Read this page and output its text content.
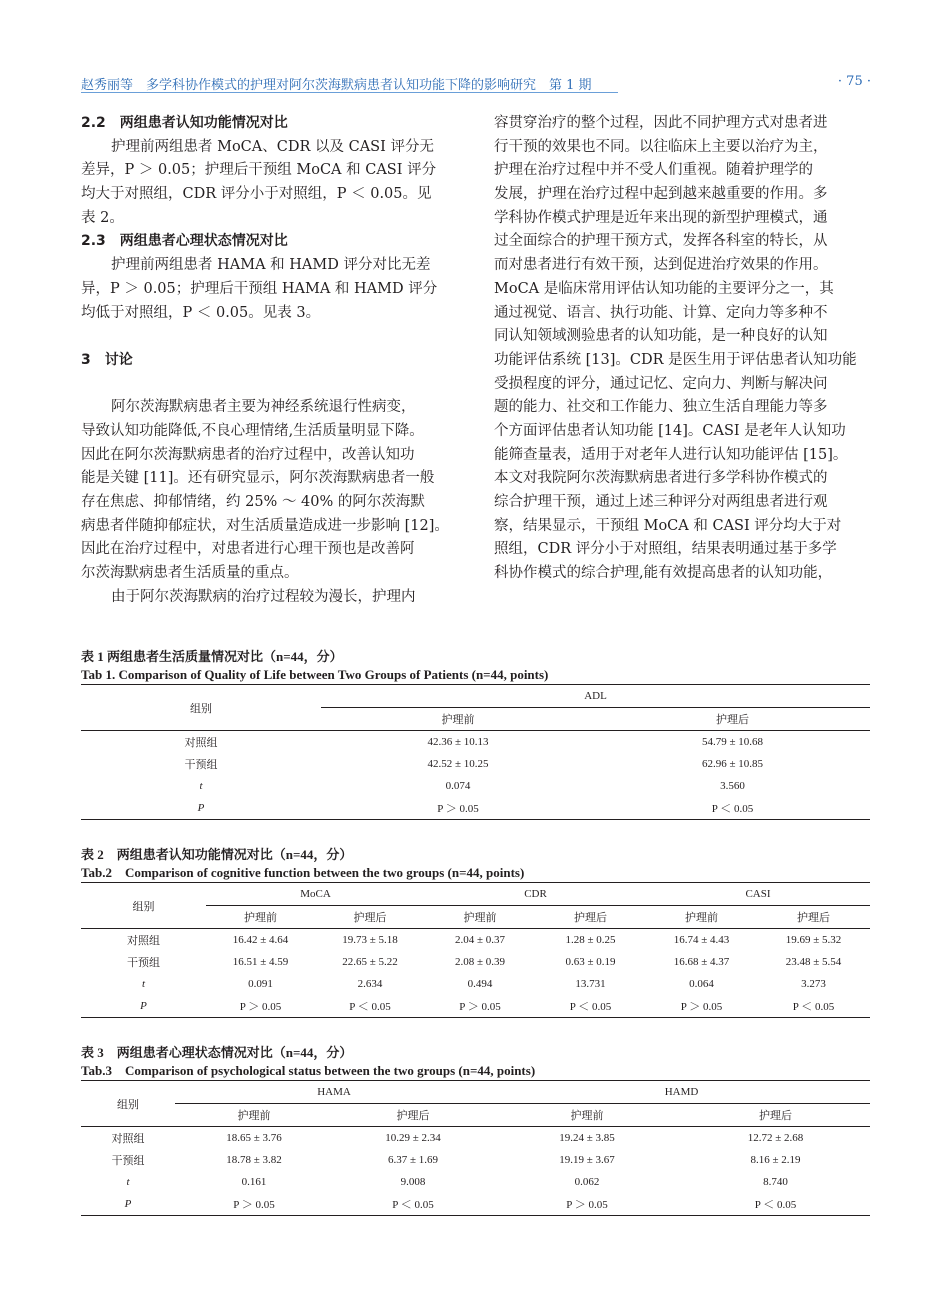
赵秀丽等　多学科协作模式的护理对阿尔茨海默病患者认知功能下降的影响研究　第 1 期	· 75 ·
2.2　两组患者认知功能情况对比
护理前两组患者 MoCA、CDR 以及 CASI 评分无
差异，P ＞ 0.05；护理后干预组 MoCA 和 CASI 评分
均大于对照组，CDR 评分小于对照组，P ＜ 0.05。见
表 2。
2.3　两组患者心理状态情况对比
护理前两组患者 HAMA 和 HAMD 评分对比无差
异，P ＞ 0.05；护理后干预组 HAMA 和 HAMD 评分
均低于对照组，P ＜ 0.05。见表 3。
3　讨论
阿尔茨海默病患者主要为神经系统退行性病变，
导致认知功能降低,不良心理情绪,生活质量明显下降。
因此在阿尔茨海默病患者的治疗过程中，改善认知功
能是关键 [11]。还有研究显示，阿尔茨海默病患者一般
存在焦虑、抑郁情绪，约 25% ～ 40% 的阿尔茨海默
病患者伴随抑郁症状，对生活质量造成进一步影响 [12]。
因此在治疗过程中，对患者进行心理干预也是改善阿
尔茨海默病患者生活质量的重点。
由于阿尔茨海默病的治疗过程较为漫长，护理内
容贯穿治疗的整个过程，因此不同护理方式对患者进
行干预的效果也不同。以往临床上主要以治疗为主，
护理在治疗过程中并不受人们重视。随着护理学的
发展，护理在治疗过程中起到越来越重要的作用。多
学科协作模式护理是近年来出现的新型护理模式，通
过全面综合的护理干预方式，发挥各科室的特长，从
而对患者进行有效干预，达到促进治疗效果的作用。
MoCA 是临床常用评估认知功能的主要评分之一，其
通过视觉、语言、执行功能、计算、定向力等多种不
同认知领域测验患者的认知功能，是一种良好的认知
功能评估系统 [13]。CDR 是医生用于评估患者认知功能
受损程度的评分，通过记忆、定向力、判断与解决问
题的能力、社交和工作能力、独立生活自理能力等多
个方面评估患者认知功能 [14]。CASI 是老年人认知功
能筛查量表，适用于对老年人进行认知功能评估 [15]。
本文对我院阿尔茨海默病患者进行多学科协作模式的
综合护理干预，通过上述三种评分对两组患者进行观
察，结果显示，干预组 MoCA 和 CASI 评分均大于对
照组，CDR 评分小于对照组，结果表明通过基于多学
科协作模式的综合护理,能有效提高患者的认知功能，
表 1 两组患者生活质量情况对比（n=44，分）
Tab 1. Comparison of Quality of Life between Two Groups of Patients (n=44, points)
组别	ADL	
	护理前	护理后
对照组	42.36 ± 10.13	54.79 ± 10.68
干预组	42.52 ± 10.25	62.96 ± 10.85
t	0.074	3.560
P	P ＞ 0.05	P ＜ 0.05
表 2　两组患者认知功能情况对比（n=44，分）
Tab.2　Comparison of cognitive function between the two groups (n=44, points)
组别	MoCA		CDR		CASI	
	护理前	护理后	护理前	护理后	护理前	护理后
对照组	16.42 ± 4.64	19.73 ± 5.18	2.04 ± 0.37	1.28 ± 0.25	16.74 ± 4.43	19.69 ± 5.32
干预组	16.51 ± 4.59	22.65 ± 5.22	2.08 ± 0.39	0.63 ± 0.19	16.68 ± 4.37	23.48 ± 5.54
t	0.091	2.634	0.494	13.731	0.064	3.273
P	P ＞ 0.05	P ＜ 0.05	P ＞ 0.05	P ＜ 0.05	P ＞ 0.05	P ＜ 0.05
表 3　两组患者心理状态情况对比（n=44，分）
Tab.3　Comparison of psychological status between the two groups (n=44, points)
组别	HAMA		HAMD	
	护理前	护理后	护理前	护理后
对照组	18.65 ± 3.76	10.29 ± 2.34	19.24 ± 3.85	12.72 ± 2.68
干预组	18.78 ± 3.82	6.37 ± 1.69	19.19 ± 3.67	8.16 ± 2.19
t	0.161	9.008	0.062	8.740
P	P ＞ 0.05	P ＜ 0.05	P ＞ 0.05	P ＜ 0.05
